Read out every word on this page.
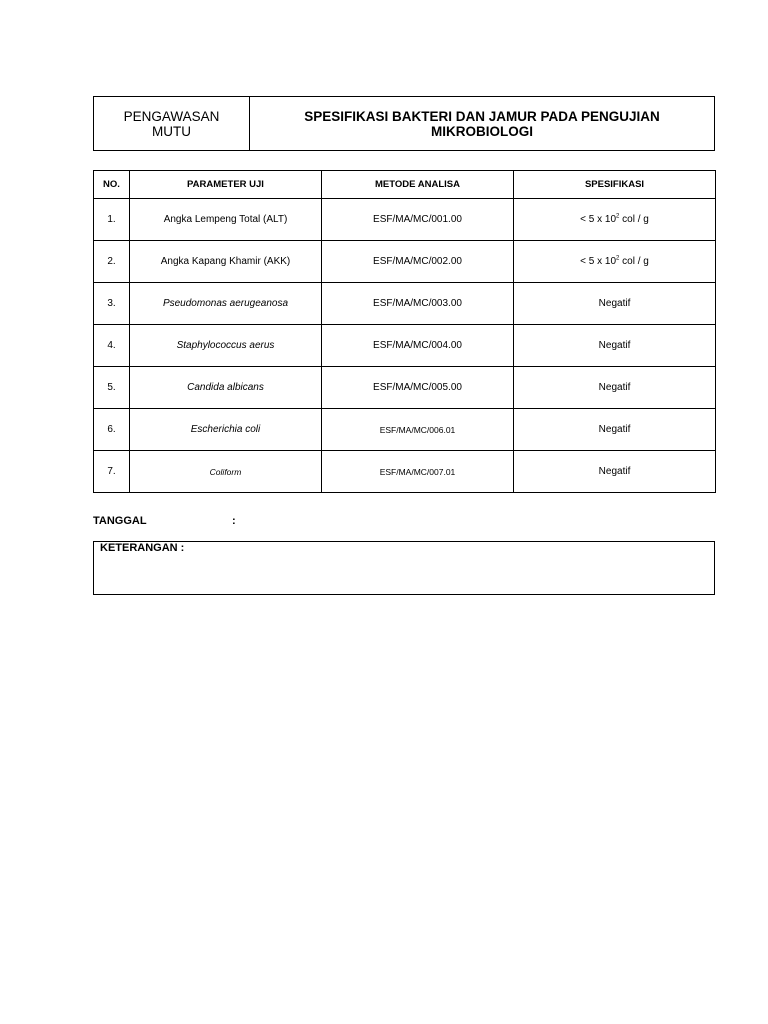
PENGAWASAN
MUTU
SPESIFIKASI BAKTERI DAN JAMUR PADA PENGUJIAN
MIKROBIOLOGI
NO.	PARAMETER UJI	METODE ANALISA	SPESIFIKASI
1.	Angka Lempeng Total (ALT)	ESF/MA/MC/001.00	< 5 x $10^2$ col / g
2.	Angka Kapang Khamir (AKK)	ESF/MA/MC/002.00	< 5 x $10^2$ col / g
3.	Pseudomonas aerugeanosa	ESF/MA/MC/003.00	Negatif
4.	Staphylococcus aerus	ESF/MA/MC/004.00	Negatif
5.	Candida albicans	ESF/MA/MC/005.00	Negatif
6.	Escherichia coli	ESF/MA/MC/006.01	Negatif
7.	Coliform	ESF/MA/MC/007.01	Negatif
TANGGAL	:
KETERANGAN :
